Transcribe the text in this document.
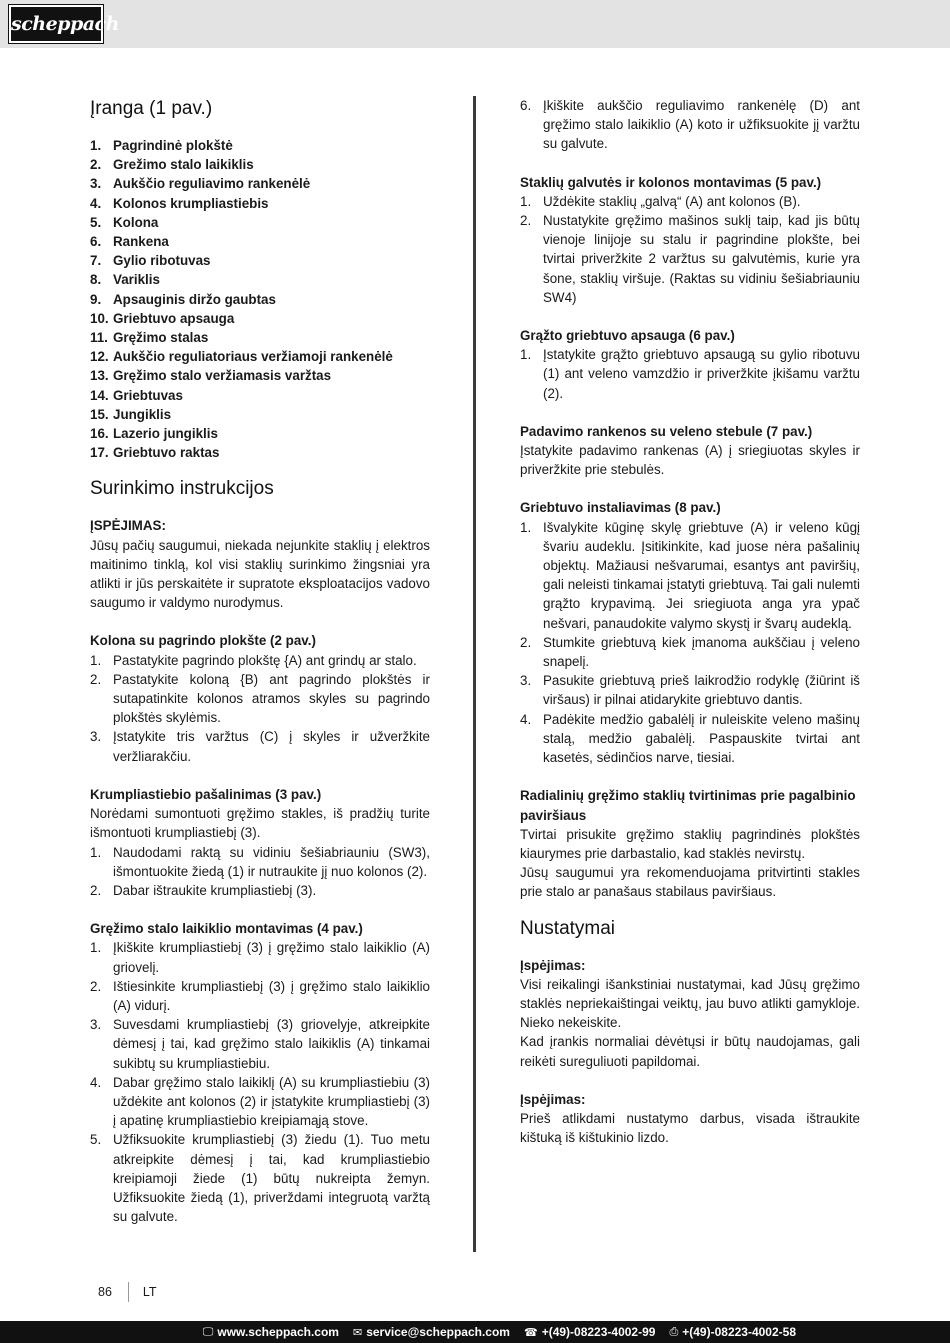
scheppach
Įranga (1 pav.)
1. Pagrindinė plokštė
2. Grežimo stalo laikiklis
3. Aukščio reguliavimo rankenėlė
4. Kolonos krumpliastiebis
5. Kolona
6. Rankena
7. Gylio ribotuvas
8. Variklis
9. Apsauginis diržo gaubtas
10. Griebtuvo apsauga
11. Gręžimo stalas
12. Aukščio reguliatoriaus veržiamoji rankenėlė
13. Gręžimo stalo veržiamasis varžtas
14. Griebtuvas
15. Jungiklis
16. Lazerio jungiklis
17. Griebtuvo raktas
Surinkimo instrukcijos
ĮSPĖJIMAS:

Jūsų pačių saugumui, niekada nejunkite staklių į elektros maitinimo tinklą, kol visi staklių surinkimo žingsniai yra atlikti ir jūs perskaitėte ir supratote eksploatacijos vadovo saugumo ir valdymo nurodymus.

Kolona su pagrindo plokšte (2 pav.)
1. Pastatykite pagrindo plokštę {A) ant grindų ar stalo.
2. Pastatykite koloną {B) ant pagrindo plokštės ir sutapatinkite kolonos atramos skyles su pagrindo plokštės skylėmis.
3. Įstatykite tris varžtus (C) į skyles ir užveržkite veržliarakčiu.
Krumpliastiebio pašalinimas (3 pav.)

Norėdami sumontuoti gręžimo stakles, iš pradžių turite išmontuoti krumpliastiebį (3).

1. Naudodami raktą su vidiniu šešiabriauniu (SW3), išmontuokite žiedą (1) ir nutraukite jį nuo kolonos (2).
2. Dabar ištraukite krumpliastiebį (3).
Gręžimo stalo laikiklio montavimas (4 pav.)
1. Įkiškite krumpliastiebį (3) į gręžimo stalo laikiklio (A) griovelį.
2. Ištiesinkite krumpliastiebį (3) į gręžimo stalo laikiklio (A) vidurį.
3. Suvesdami krumpliastiebį (3) griovelyje, atkreipkite dėmesį į tai, kad gręžimo stalo laikiklis (A) tinkamai sukibtų su krumpliastiebiu.
4. Dabar gręžimo stalo laikiklį (A) su krumpliastiebiu (3) uždėkite ant kolonos (2) ir įstatykite krumpliastiebį (3) į apatinę krumpliastiebio kreipiamąją stove.
5. Užfiksuokite krumpliastiebį (3) žiedu (1). Tuo metu atkreipkite dėmesį į tai, kad krumpliastiebio kreipiamoji žiede (1) būtų nukreipta žemyn. Užfiksuokite žiedą (1), priverždami integruotą varžtą su galvute.
6. Įkiškite aukščio reguliavimo rankenėlę (D) ant gręžimo stalo laikiklio (A) koto ir užfiksuokite jį varžtu su galvute.
Staklių galvutės ir kolonos montavimas (5 pav.)
1. Uždėkite staklių „galvą“ (A) ant kolonos (B).
2. Nustatykite gręžimo mašinos suklį taip, kad jis būtų vienoje linijoje su stalu ir pagrindine plokšte, bei tvirtai priveržkite 2 varžtus su galvutėmis, kurie yra šone, staklių viršuje. (Raktas su vidiniu šešiabriauniu SW4)
Grąžto griebtuvo apsauga (6 pav.)
1. Įstatykite grąžto griebtuvo apsaugą su gylio ribotuvu (1) ant veleno vamzdžio ir priveržkite įkišamu varžtu (2).
Padavimo rankenos su veleno stebule (7 pav.)

Įstatykite padavimo rankenas (A) į sriegiuotas skyles ir priveržkite prie stebulės.

Griebtuvo instaliavimas (8 pav.)
1. Išvalykite kūginę skylę griebtuve (A) ir veleno kūgį švariu audeklu. Įsitikinkite, kad juose nėra pašalinių objektų. Mažiausi nešvarumai, esantys ant paviršių, gali neleisti tinkamai įstatyti griebtuvą. Tai gali nulemti grąžto krypavimą. Jei sriegiuota anga yra ypač nešvari, panaudokite valymo skystį ir švarų audeklą.
2. Stumkite griebtuvą kiek įmanoma aukščiau į veleno snapelį.
3. Pasukite griebtuvą prieš laikrodžio rodyklę (žiūrint iš viršaus) ir pilnai atidarykite griebtuvo dantis.
4. Padėkite medžio gabalėlį ir nuleiskite veleno mašinų stalą, medžio gabalėlį. Paspauskite tvirtai ant kasetės, sėdinčios narve, tiesiai.
Radialinių gręžimo staklių tvirtinimas prie pagalbinio paviršiaus

Tvirtai prisukite gręžimo staklių pagrindinės plokštės kiaurymes prie darbastalio, kad staklės nevirstų.

Jūsų saugumui yra rekomenduojama pritvirtinti stakles prie stalo ar panašaus stabilaus paviršiaus.

Nustatymai
Įspėjimas:

Visi reikalingi išankstiniai nustatymai, kad Jūsų gręžimo staklės nepriekaištingai veiktų, jau buvo atlikti gamykloje. Nieko nekeiskite.

Kad įrankis normaliai dėvėtųsi ir būtų naudojamas, gali reikėti sureguliuoti papildomai.

Įspėjimas:

Prieš atlikdami nustatymo darbus, visada ištraukite kištuką iš kištukinio lizdo.

86 LT
🖵 www.scheppach.com ✉ service@scheppach.com ☎ +(49)-08223-4002-99 ⎙ +(49)-08223-4002-58
